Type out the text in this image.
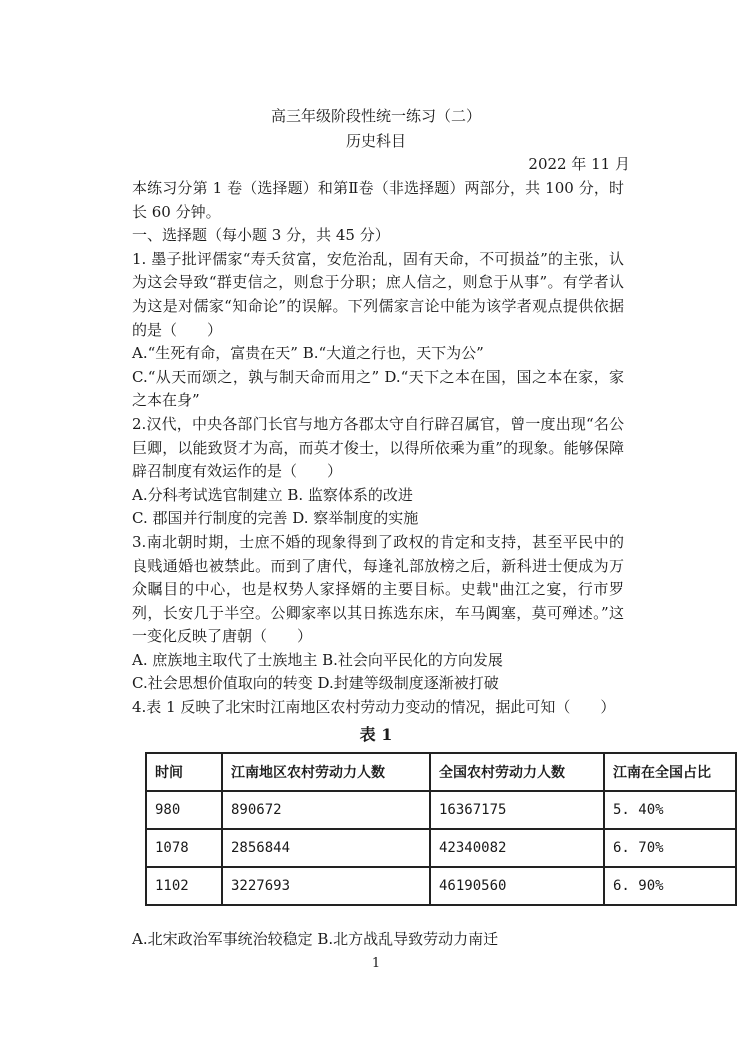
高三年级阶段性统一练习（二）
历史科目
2022 年 11 月

本练习分第 1 卷（选择题）和第Ⅱ卷（非选择题）两部分，共 100 分，时长 60 分钟。

一、选择题（每小题 3 分，共 45 分）

1. 墨子批评儒家“寿夭贫富，安危治乱，固有天命，不可损益”的主张，认为这会导致“群吏信之，则怠于分职；庶人信之，则怠于从事”。有学者认为这是对儒家“知命论”的误解。下列儒家言论中能为该学者观点提供依据的是（　　）

A.“生死有命，富贵在天” B.“大道之行也，天下为公”

C.“从天而颂之，孰与制天命而用之” D.“天下之本在国，国之本在家，家之本在身”

2.汉代，中央各部门长官与地方各郡太守自行辟召属官，曾一度出现“名公巨卿，以能致贤才为高，而英才俊士，以得所依乘为重”的现象。能够保障辟召制度有效运作的是（　　）

A.分科考试选官制建立 B. 监察体系的改进

C. 郡国并行制度的完善 D. 察举制度的实施

3.南北朝时期，士庶不婚的现象得到了政权的肯定和支持，甚至平民中的良贱通婚也被禁此。而到了唐代，每逢礼部放榜之后，新科进士便成为万众瞩目的中心，也是权势人家择婿的主要目标。史载"曲江之宴，行市罗列，长安几于半空。公卿家率以其日拣选东床，车马阗塞，莫可殚述。”这一变化反映了唐朝（　　）

A. 庶族地主取代了士族地主 B.社会向平民化的方向发展

C.社会思想价值取向的转变 D.封建等级制度逐渐被打破

4.表 1 反映了北宋时江南地区农村劳动力变动的情况，据此可知（　　）

表 1
时间	江南地区农村劳动力人数	全国农村劳动力人数	江南在全国占比
980	890672	16367175	5. 40%
1078	2856844	42340082	6. 70%
1102	3227693	46190560	6. 90%
A.北宋政治军事统治较稳定 B.北方战乱导致劳动力南迁
1
